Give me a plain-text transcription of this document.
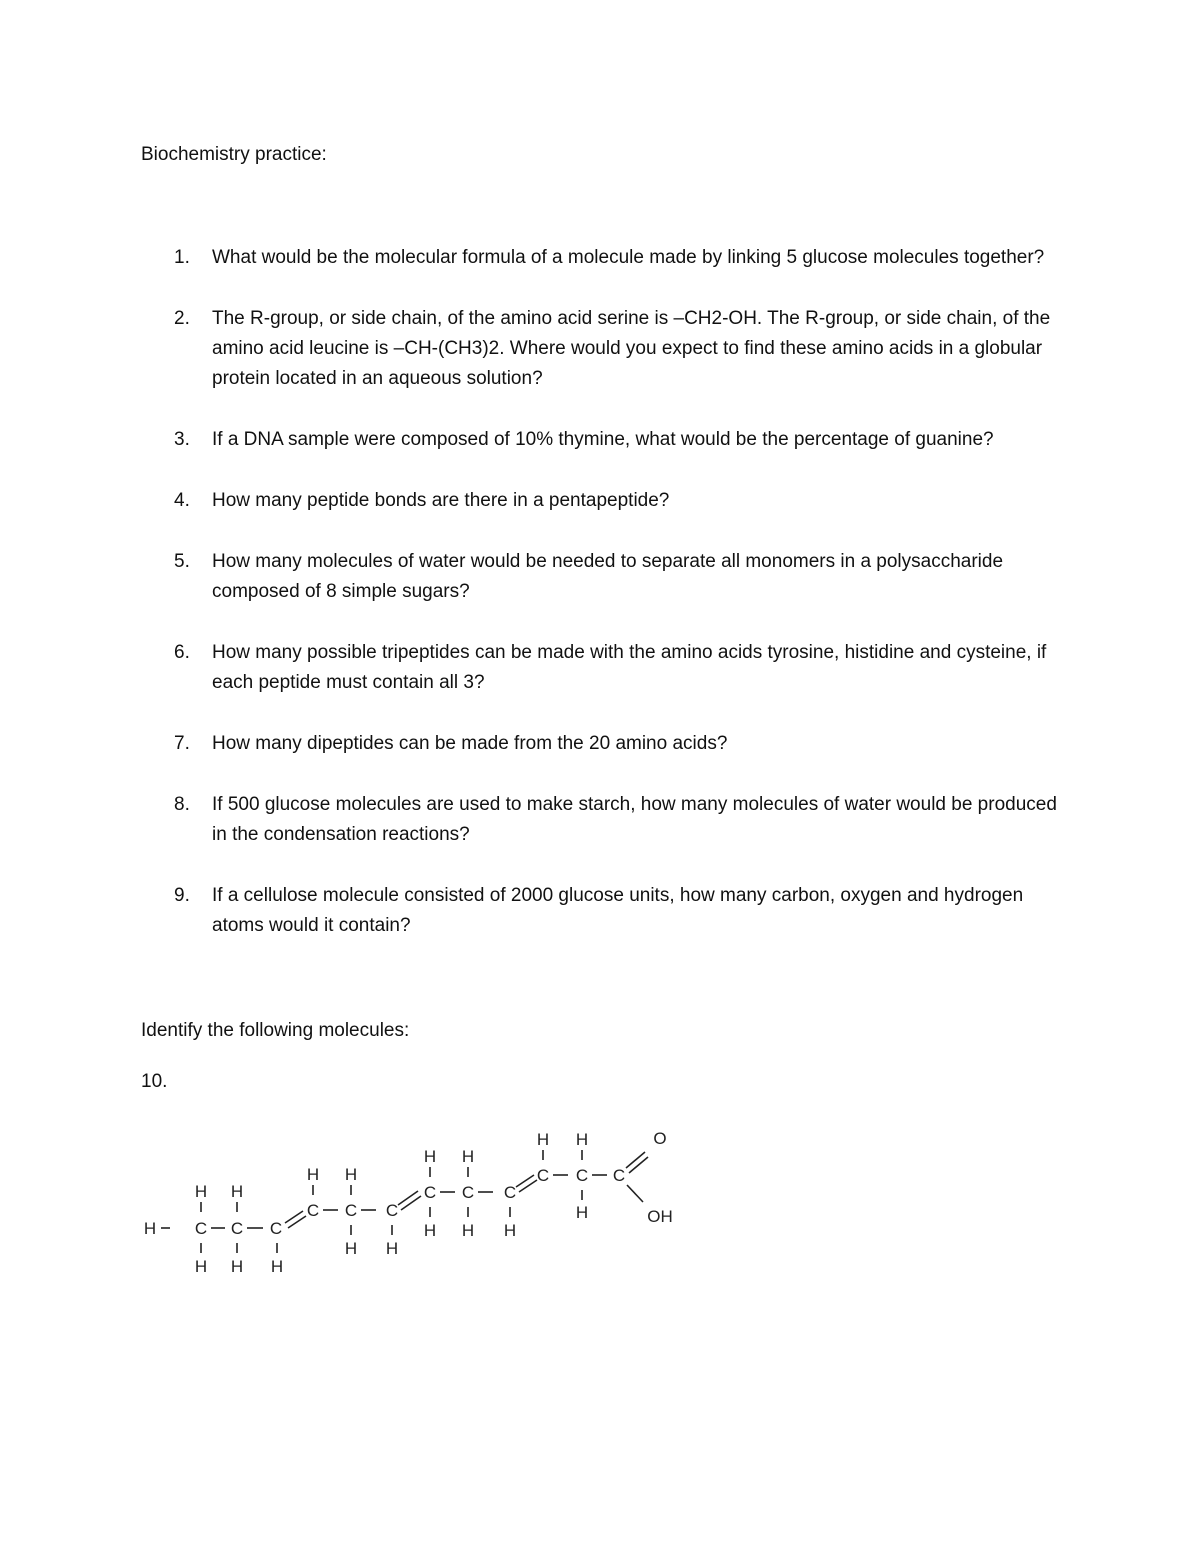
Biochemistry practice:
1. What would be the molecular formula of a molecule made by linking 5 glucose molecules together?
2. The R-group, or side chain, of the amino acid serine is –CH2-OH. The R-group, or side chain, of the amino acid leucine is –CH-(CH3)2. Where would you expect to find these amino acids in a globular protein located in an aqueous solution?
3. If a DNA sample were composed of 10% thymine, what would be the percentage of guanine?
4. How many peptide bonds are there in a pentapeptide?
5. How many molecules of water would be needed to separate all monomers in a polysaccharide composed of 8 simple sugars?
6. How many possible tripeptides can be made with the amino acids tyrosine, histidine and cysteine, if each peptide must contain all 3?
7. How many dipeptides can be made from the 20 amino acids?
8. If 500 glucose molecules are used to make starch, how many molecules of water would be produced in the condensation reactions?
9. If a cellulose molecule consisted of 2000 glucose units, how many carbon, oxygen and hydrogen atoms would it contain?
Identify the following molecules:
10.
H C
H
H
C
H
H
C
H
C
H
C
H
H
C
H
C
H
H
C
H
H
C
H
C
H
C
H
H
C
O
OH
